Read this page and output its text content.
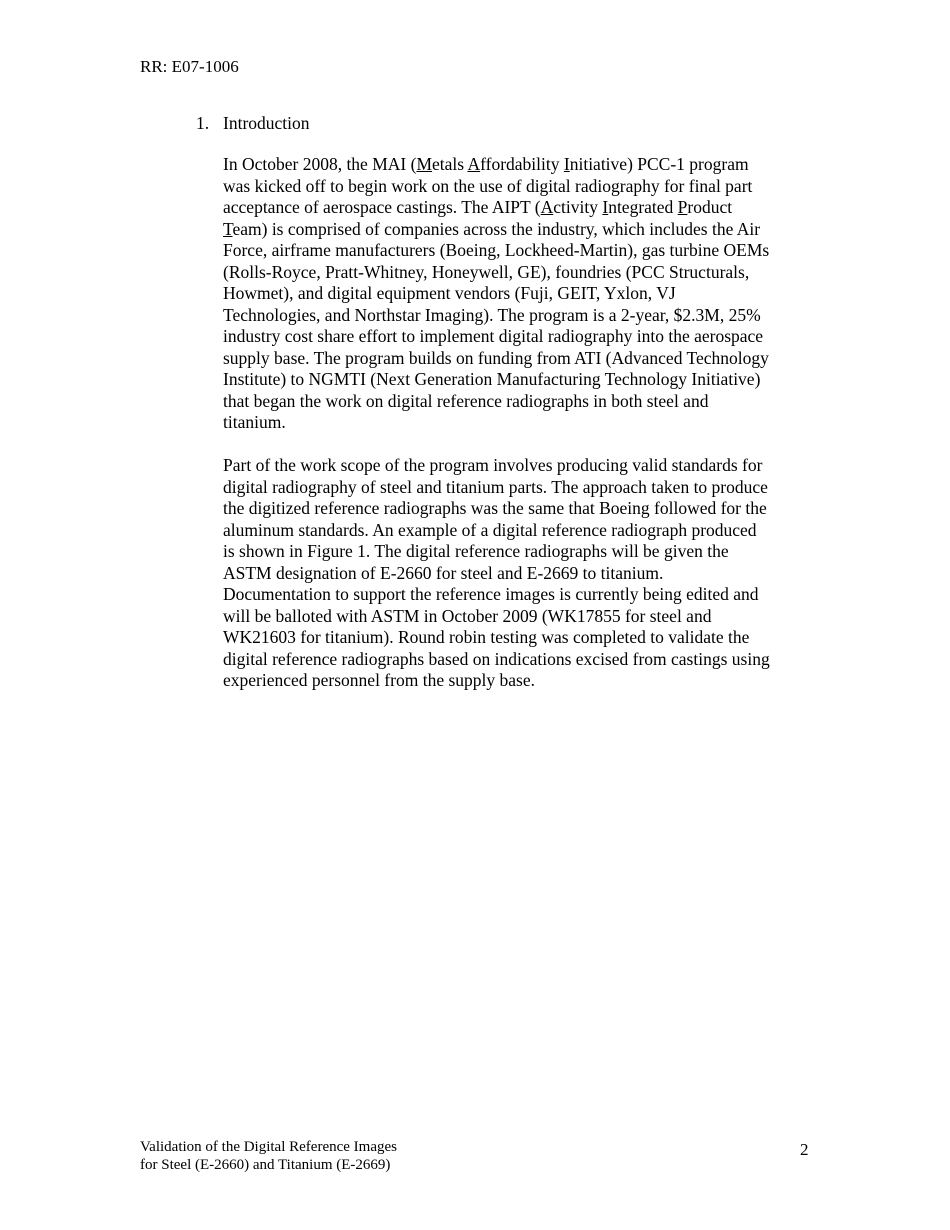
RR: E07-1006

1. Introduction

In October 2008, the MAI (Metals Affordability Initiative) PCC-1 program
was kicked off to begin work on the use of digital radiography for final part
acceptance of aerospace castings. The AIPT (Activity Integrated Product
Team) is comprised of companies across the industry, which includes the Air
Force, airframe manufacturers (Boeing, Lockheed-Martin), gas turbine OEMs
(Rolls-Royce, Pratt-Whitney, Honeywell, GE), foundries (PCC Structurals,
Howmet), and digital equipment vendors (Fuji, GEIT, Yxlon, VJ
Technologies, and Northstar Imaging). The program is a 2-year, $2.3M, 25%
industry cost share effort to implement digital radiography into the aerospace
supply base. The program builds on funding from ATI (Advanced Technology
Institute) to NGMTI (Next Generation Manufacturing Technology Initiative)
that began the work on digital reference radiographs in both steel and
titanium.

Part of the work scope of the program involves producing valid standards for
digital radiography of steel and titanium parts. The approach taken to produce
the digitized reference radiographs was the same that Boeing followed for the
aluminum standards. An example of a digital reference radiograph produced
is shown in Figure 1. The digital reference radiographs will be given the
ASTM designation of E-2660 for steel and E-2669 to titanium.
Documentation to support the reference images is currently being edited and
will be balloted with ASTM in October 2009 (WK17855 for steel and
WK21603 for titanium). Round robin testing was completed to validate the
digital reference radiographs based on indications excised from castings using
experienced personnel from the supply base.

Validation of the Digital Reference Images
for Steel (E-2660) and Titanium (E-2669)

2
